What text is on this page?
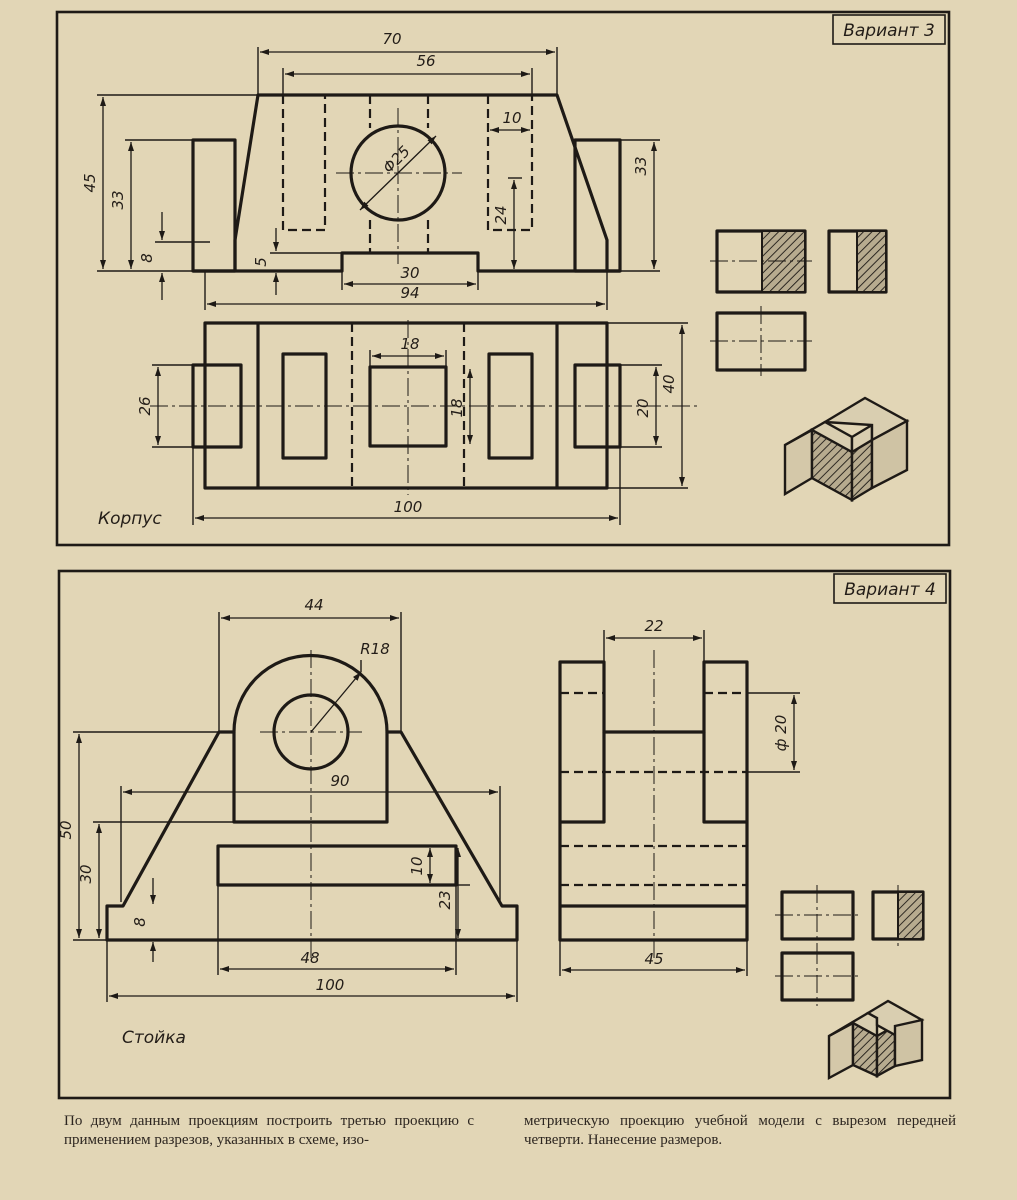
Вариант 3
70
56
10
45
33
8	5
30
94
Φ25
24
33
18
18
26	20
40
100
Корпус
Вариант 4
44
R18
90
50
30
8
10
23
48
100
22
ф 20
45
Стойка
По двум данным проекциям построить третью проекцию с применением разрезов, указанных в схеме, изо-
метрическую проекцию учебной модели с вырезом передней четверти. Нанесение размеров.
